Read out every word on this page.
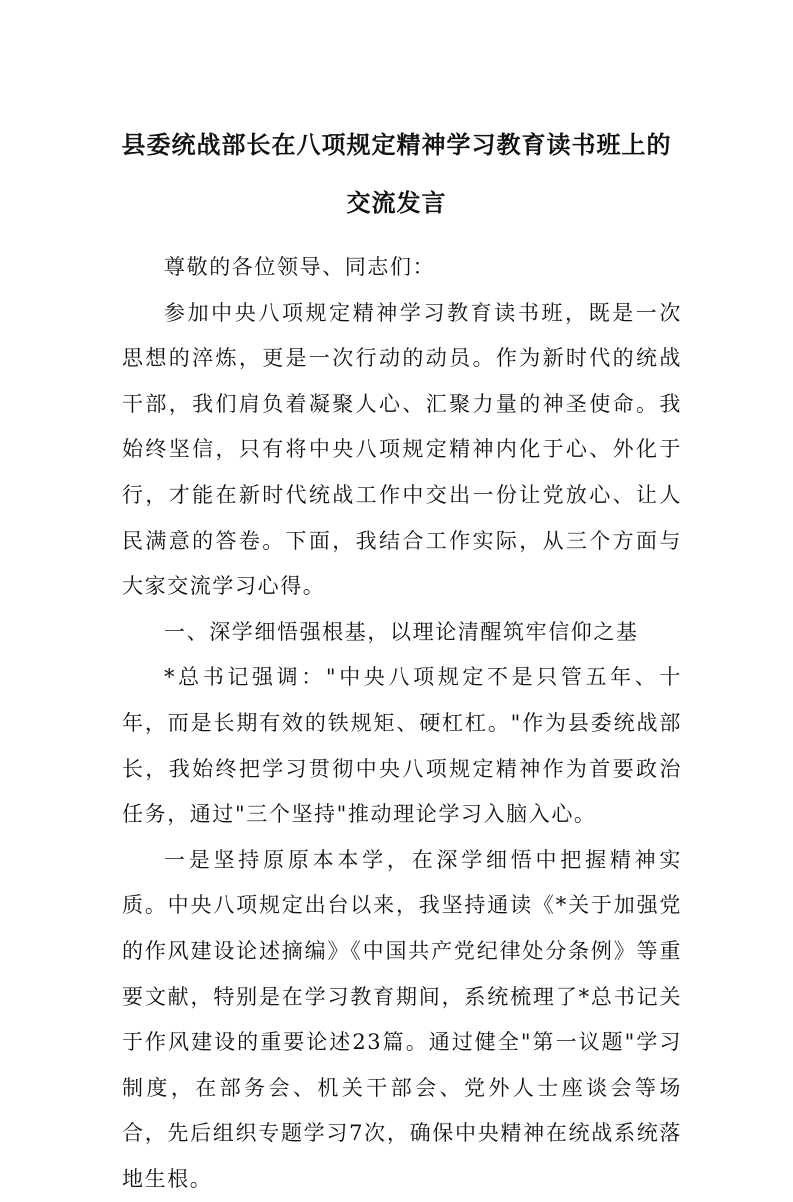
县委统战部长在八项规定精神学习教育读书班上的交流发言

尊敬的各位领导、同志们：

参加中央八项规定精神学习教育读书班，既是一次思想的淬炼，更是一次行动的动员。作为新时代的统战干部，我们肩负着凝聚人心、汇聚力量的神圣使命。我始终坚信，只有将中央八项规定精神内化于心、外化于行，才能在新时代统战工作中交出一份让党放心、让人民满意的答卷。下面，我结合工作实际，从三个方面与大家交流学习心得。

一、深学细悟强根基，以理论清醒筑牢信仰之基

*总书记强调："中央八项规定不是只管五年、十年，而是长期有效的铁规矩、硬杠杠。"作为县委统战部长，我始终把学习贯彻中央八项规定精神作为首要政治任务，通过"三个坚持"推动理论学习入脑入心。

一是坚持原原本本学，在深学细悟中把握精神实质。中央八项规定出台以来，我坚持通读《*关于加强党的作风建设论述摘编》《中国共产党纪律处分条例》等重要文献，特别是在学习教育期间，系统梳理了*总书记关于作风建设的重要论述23篇。通过健全"第一议题"学习制度，在部务会、机关干部会、党外人士座谈会等场合，先后组织专题学习7次，确保中央精神在统战系统落地生根。
